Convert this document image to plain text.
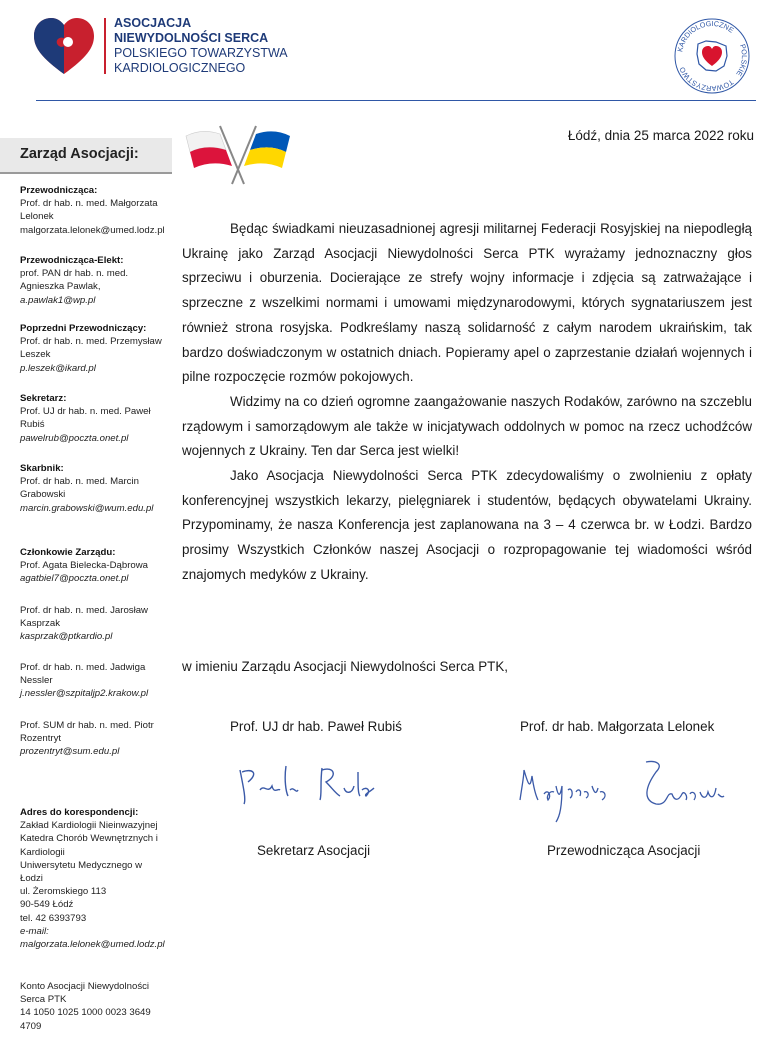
ASOCJACJA
NIEWYDOLNOŚCI SERCA
POLSKIEGO TOWARZYSTWA
KARDIOLOGICZNEGO
KARDIOLOGICZNE
POLSKIE
TOWARZYSTWO
Zarząd Asocjacji:
Przewodnicząca:
Prof. dr hab. n. med. Małgorzata
Lelonek
malgorzata.lelonek@umed.lodz.pl
Przewodnicząca-Elekt:
prof. PAN dr hab. n. med.
Agnieszka Pawlak,
a.pawlak1@wp.pl
Poprzedni Przewodniczący:
Prof. dr hab. n. med. Przemysław
Leszek
p.leszek@ikard.pl
Sekretarz:
Prof. UJ dr hab. n. med. Paweł
Rubiś
pawelrub@poczta.onet.pl
Skarbnik:
Prof. dr hab. n. med. Marcin
Grabowski
marcin.grabowski@wum.edu.pl
Członkowie Zarządu:
Prof. Agata Bielecka-Dąbrowa
agatbiel7@poczta.onet.pl
Prof. dr hab. n. med. Jarosław
Kasprzak
kasprzak@ptkardio.pl
Prof. dr hab. n. med. Jadwiga
Nessler
j.nessler@szpitaljp2.krakow.pl
Prof. SUM dr hab. n. med. Piotr
Rozentryt
prozentryt@sum.edu.pl
Adres do korespondencji:
Zakład Kardiologii Nieinwazyjnej
Katedra Chorób Wewnętrznych i
Kardiologii
Uniwersytetu Medycznego w
Łodzi
ul. Żeromskiego 113
90-549 Łódź
tel. 42 6393793
e-mail:
malgorzata.lelonek@umed.lodz.pl
Konto Asocjacji Niewydolności
Serca PTK
14 1050 1025 1000 0023 3649
4709
Łódź, dnia 25 marca 2022 roku

Będąc świadkami nieuzasadnionej agresji militarnej Federacji Rosyjskiej na niepodległą Ukrainę jako Zarząd Asocjacji Niewydolności Serca PTK wyrażamy jednoznaczny głos sprzeciwu i oburzenia. Docierające ze strefy wojny informacje i zdjęcia są zatrważające i sprzeczne z wszelkimi normami i umowami międzynarodowymi, których sygnatariuszem jest również strona rosyjska. Podkreślamy naszą solidarność z całym narodem ukraińskim, tak bardzo doświadczonym w ostatnich dniach. Popieramy apel o zaprzestanie działań wojennych i pilne rozpoczęcie rozmów pokojowych.

Widzimy na co dzień ogromne zaangażowanie naszych Rodaków, zarówno na szczeblu rządowym i samorządowym ale także w inicjatywach oddolnych w pomoc na rzecz uchodźców wojennych z Ukrainy. Ten dar Serca jest wielki!

Jako Asocjacja Niewydolności Serca PTK zdecydowaliśmy o zwolnieniu z opłaty konferencyjnej wszystkich lekarzy, pielęgniarek i studentów, będących obywatelami Ukrainy. Przypominamy, że nasza Konferencja jest zaplanowana na 3 – 4 czerwca br. w Łodzi. Bardzo prosimy Wszystkich Członków naszej Asocjacji o rozpropagowanie tej wiadomości wśród znajomych medyków z Ukrainy.

w imieniu Zarządu Asocjacji Niewydolności Serca PTK,
Prof. UJ dr hab. Paweł Rubiś	Prof. dr hab. Małgorzata Lelonek
Sekretarz Asocjacji	Przewodnicząca Asocjacji
